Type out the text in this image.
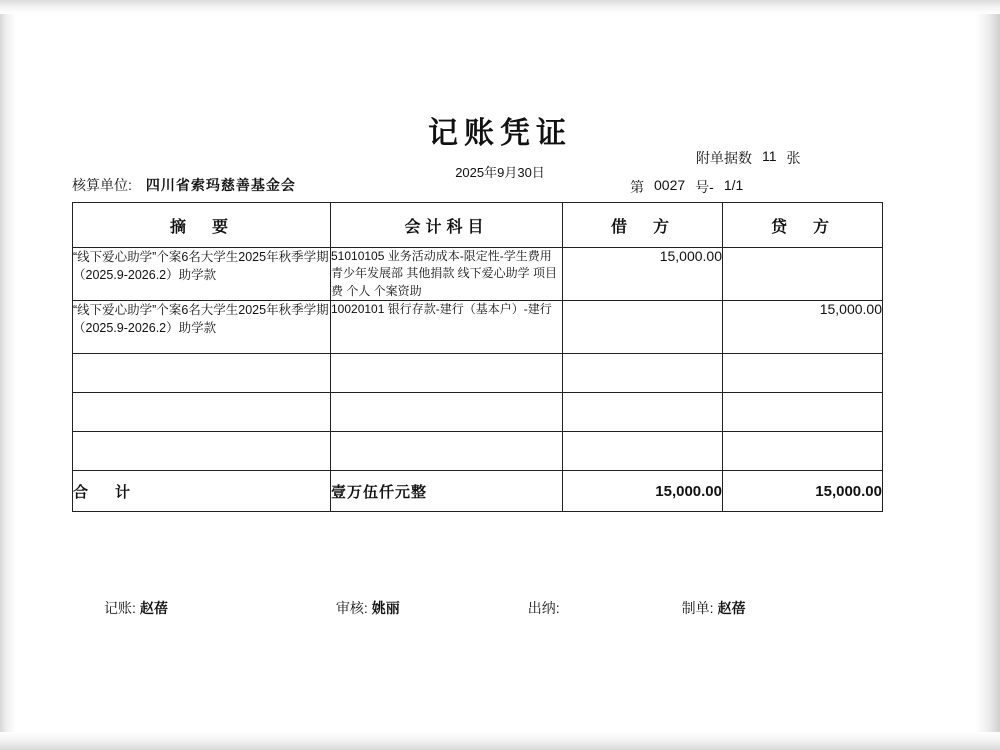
记账凭证
2025年9月30日
附单据数 11 张
第 0027 号- 1/1
核算单位: 四川省索玛慈善基金会
摘　要	会计科目	借　方	贷　方
“线下爱心助学”个案6名大学生2025年秋季学期（2025.9-2026.2）助学款	51010105 业务活动成本-限定性-学生费用 青少年发展部 其他捐款 线下爱心助学 项目费 个人 个案资助	15,000.00	
“线下爱心助学”个案6名大学生2025年秋季学期（2025.9-2026.2）助学款	10020101 银行存款-建行（基本户）-建行		15,000.00

合　计	壹万伍仟元整	15,000.00	15,000.00
记账: 赵蓓	审核: 姚丽	出纳:	制单: 赵蓓
